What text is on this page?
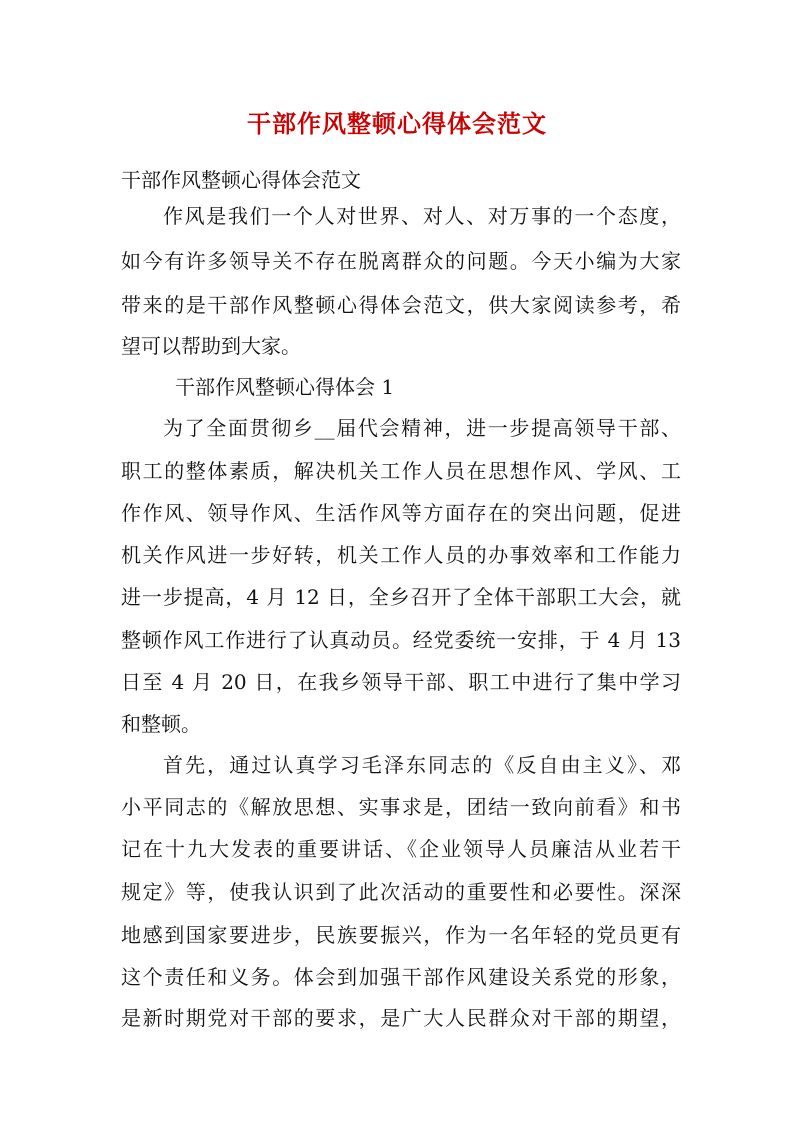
干部作风整顿心得体会范文

干部作风整顿心得体会范文

作风是我们一个人对世界、对人、对万事的一个态度，

如今有许多领导关不存在脱离群众的问题。今天小编为大家

带来的是干部作风整顿心得体会范文，供大家阅读参考，希

望可以帮助到大家。

干部作风整顿心得体会 1

为了全面贯彻乡__届代会精神，进一步提高领导干部、

职工的整体素质，解决机关工作人员在思想作风、学风、工

作作风、领导作风、生活作风等方面存在的突出问题，促进

机关作风进一步好转，机关工作人员的办事效率和工作能力

进一步提高，4 月 12 日，全乡召开了全体干部职工大会，就

整顿作风工作进行了认真动员。经党委统一安排，于 4 月 13

日至 4 月 20 日，在我乡领导干部、职工中进行了集中学习

和整顿。

首先，通过认真学习毛泽东同志的《反自由主义》、邓

小平同志的《解放思想、实事求是，团结一致向前看》和书

记在十九大发表的重要讲话、《企业领导人员廉洁从业若干

规定》等，使我认识到了此次活动的重要性和必要性。深深

地感到国家要进步，民族要振兴，作为一名年轻的党员更有

这个责任和义务。体会到加强干部作风建设关系党的形象，

是新时期党对干部的要求，是广大人民群众对干部的期望，
